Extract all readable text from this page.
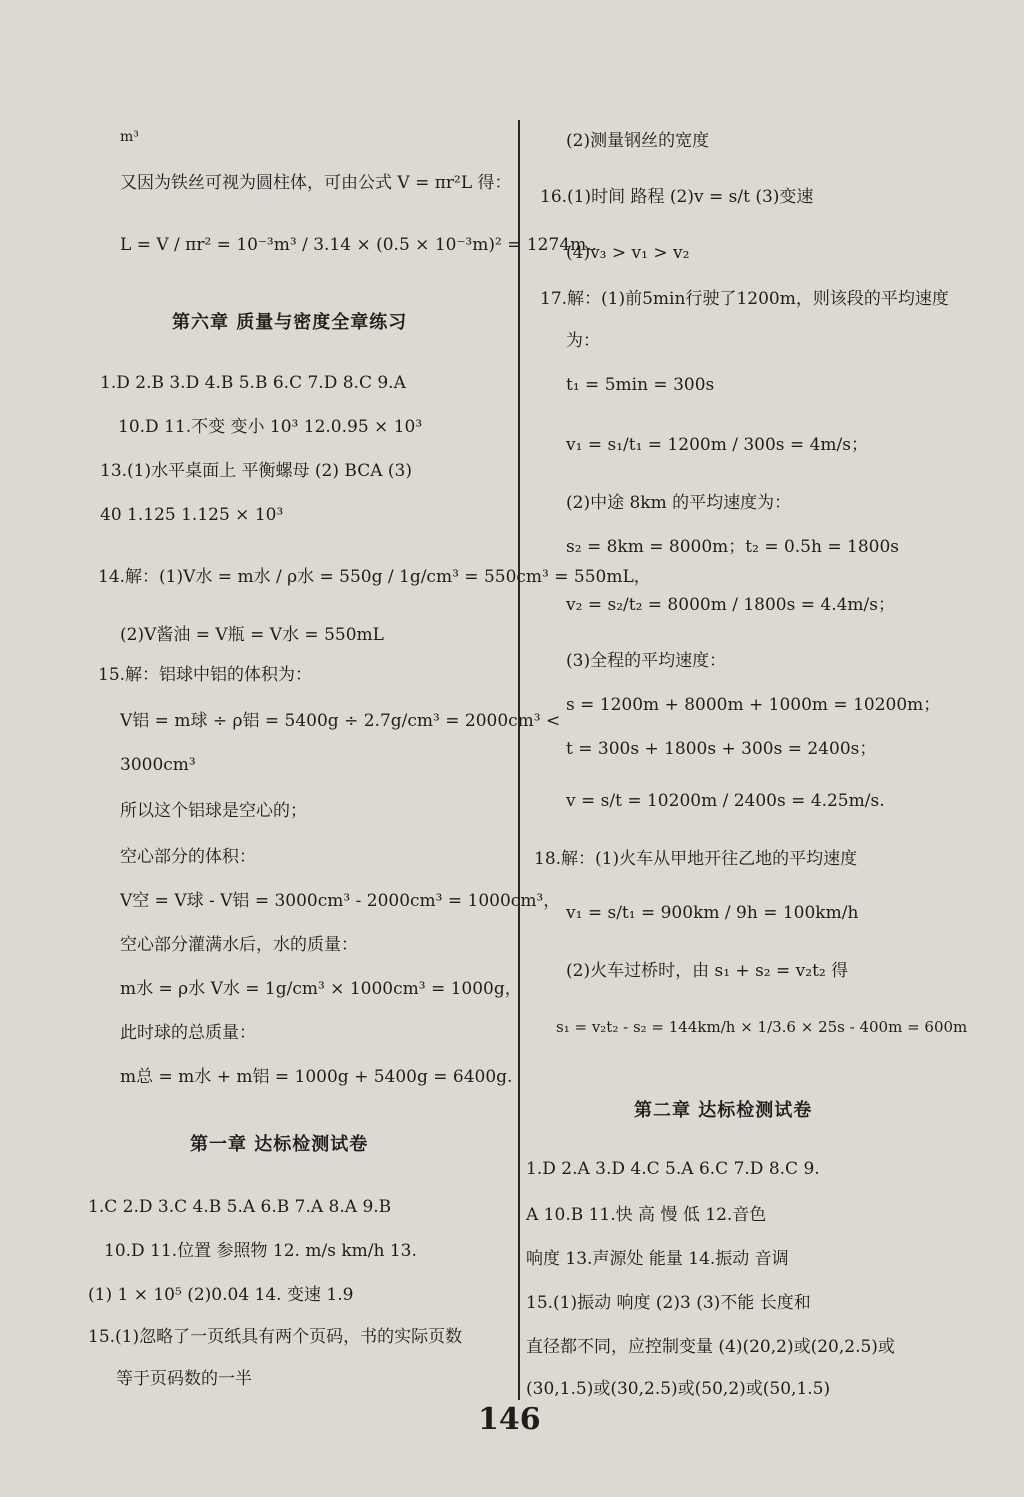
m³
又因为铁丝可视为圆柱体，可由公式 V = πr²L 得：
L = V / πr² = 10⁻³m³ / 3.14 × (0.5 × 10⁻³m)² = 1274m..
第六章 质量与密度全章练习
1.D 2.B 3.D 4.B 5.B 6.C 7.D 8.C 9.A
10.D 11.不变 变小 10³ 12.0.95 × 10³
13.(1)水平桌面上 平衡螺母 (2) BCA (3)
40 1.125 1.125 × 10³
14.解：(1)V水 = m水 / ρ水 = 550g / 1g/cm³ = 550cm³ = 550mL，
(2)V酱油 = V瓶 = V水 = 550mL
15.解：铝球中铝的体积为：
V铝 = m球 ÷ ρ铝 = 5400g ÷ 2.7g/cm³ = 2000cm³ <
3000cm³
所以这个铝球是空心的；
空心部分的体积：
V空 = V球 - V铝 = 3000cm³ - 2000cm³ = 1000cm³，
空心部分灌满水后，水的质量：
m水 = ρ水 V水 = 1g/cm³ × 1000cm³ = 1000g，
此时球的总质量：
m总 = m水 + m铝 = 1000g + 5400g = 6400g.
第一章 达标检测试卷
1.C 2.D 3.C 4.B 5.A 6.B 7.A 8.A 9.B
10.D 11.位置 参照物 12. m/s km/h 13.
(1) 1 × 10⁵ (2)0.04 14. 变速 1.9
15.(1)忽略了一页纸具有两个页码，书的实际页数
等于页码数的一半
(2)测量钢丝的宽度
16.(1)时间 路程 (2)v = s/t (3)变速
(4)v₃ > v₁ > v₂
17.解：(1)前5min行驶了1200m，则该段的平均速度
为：
t₁ = 5min = 300s
v₁ = s₁/t₁ = 1200m / 300s = 4m/s；
(2)中途 8km 的平均速度为：
s₂ = 8km = 8000m；t₂ = 0.5h = 1800s
v₂ = s₂/t₂ = 8000m / 1800s = 4.4m/s；
(3)全程的平均速度：
s = 1200m + 8000m + 1000m = 10200m；
t = 300s + 1800s + 300s = 2400s；
v = s/t = 10200m / 2400s = 4.25m/s.
18.解：(1)火车从甲地开往乙地的平均速度
v₁ = s/t₁ = 900km / 9h = 100km/h
(2)火车过桥时，由 s₁ + s₂ = v₂t₂ 得
s₁ = v₂t₂ - s₂ = 144km/h × 1/3.6 × 25s - 400m = 600m
第二章 达标检测试卷
1.D 2.A 3.D 4.C 5.A 6.C 7.D 8.C 9.
A 10.B 11.快 高 慢 低 12.音色
响度 13.声源处 能量 14.振动 音调
15.(1)振动 响度 (2)3 (3)不能 长度和
直径都不同，应控制变量 (4)(20,2)或(20,2.5)或
(30,1.5)或(30,2.5)或(50,2)或(50,1.5)
146
